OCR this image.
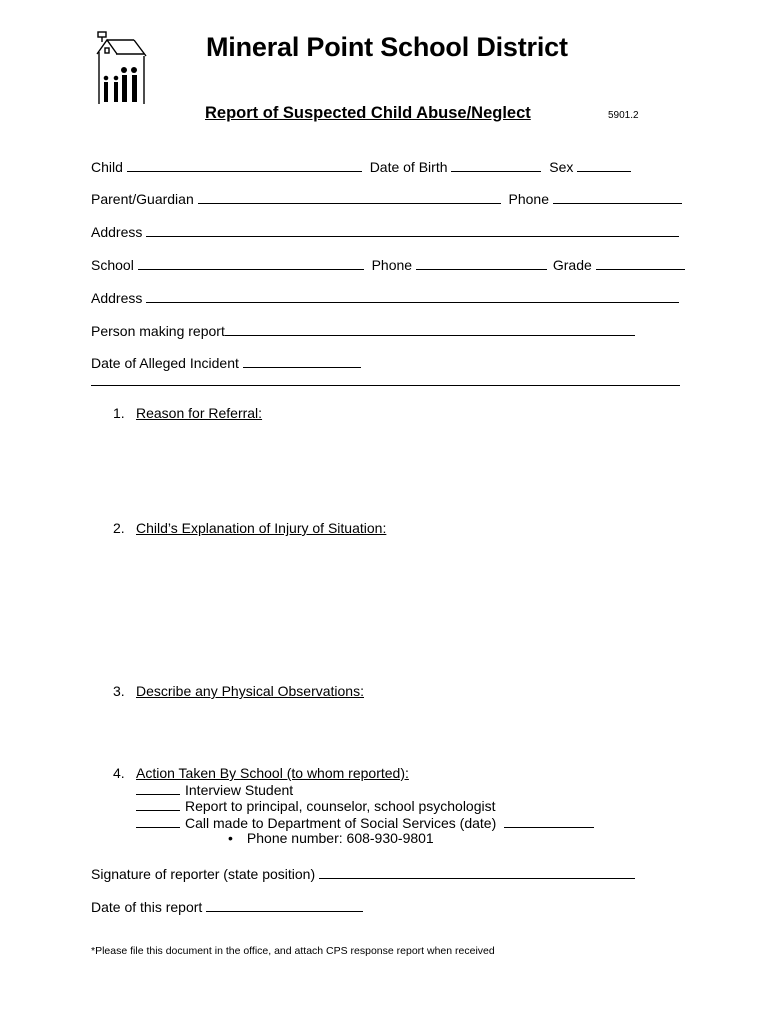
Mineral Point School District
Report of Suspected Child Abuse/Neglect	5901.2
Child	Date of Birth	Sex
Parent/Guardian	Phone
Address
School	Phone	Grade
Address
Person making report
Date of Alleged Incident
1. Reason for Referral:
2. Child’s Explanation of Injury of Situation:
3. Describe any Physical Observations:
4. Action Taken By School (to whom reported):
Interview Student
Report to principal, counselor, school psychologist
Call made to Department of Social Services (date)
• Phone number: 608-930-9801
Signature of reporter (state position)
Date of this report
*Please file this document in the office, and attach CPS response report when received
